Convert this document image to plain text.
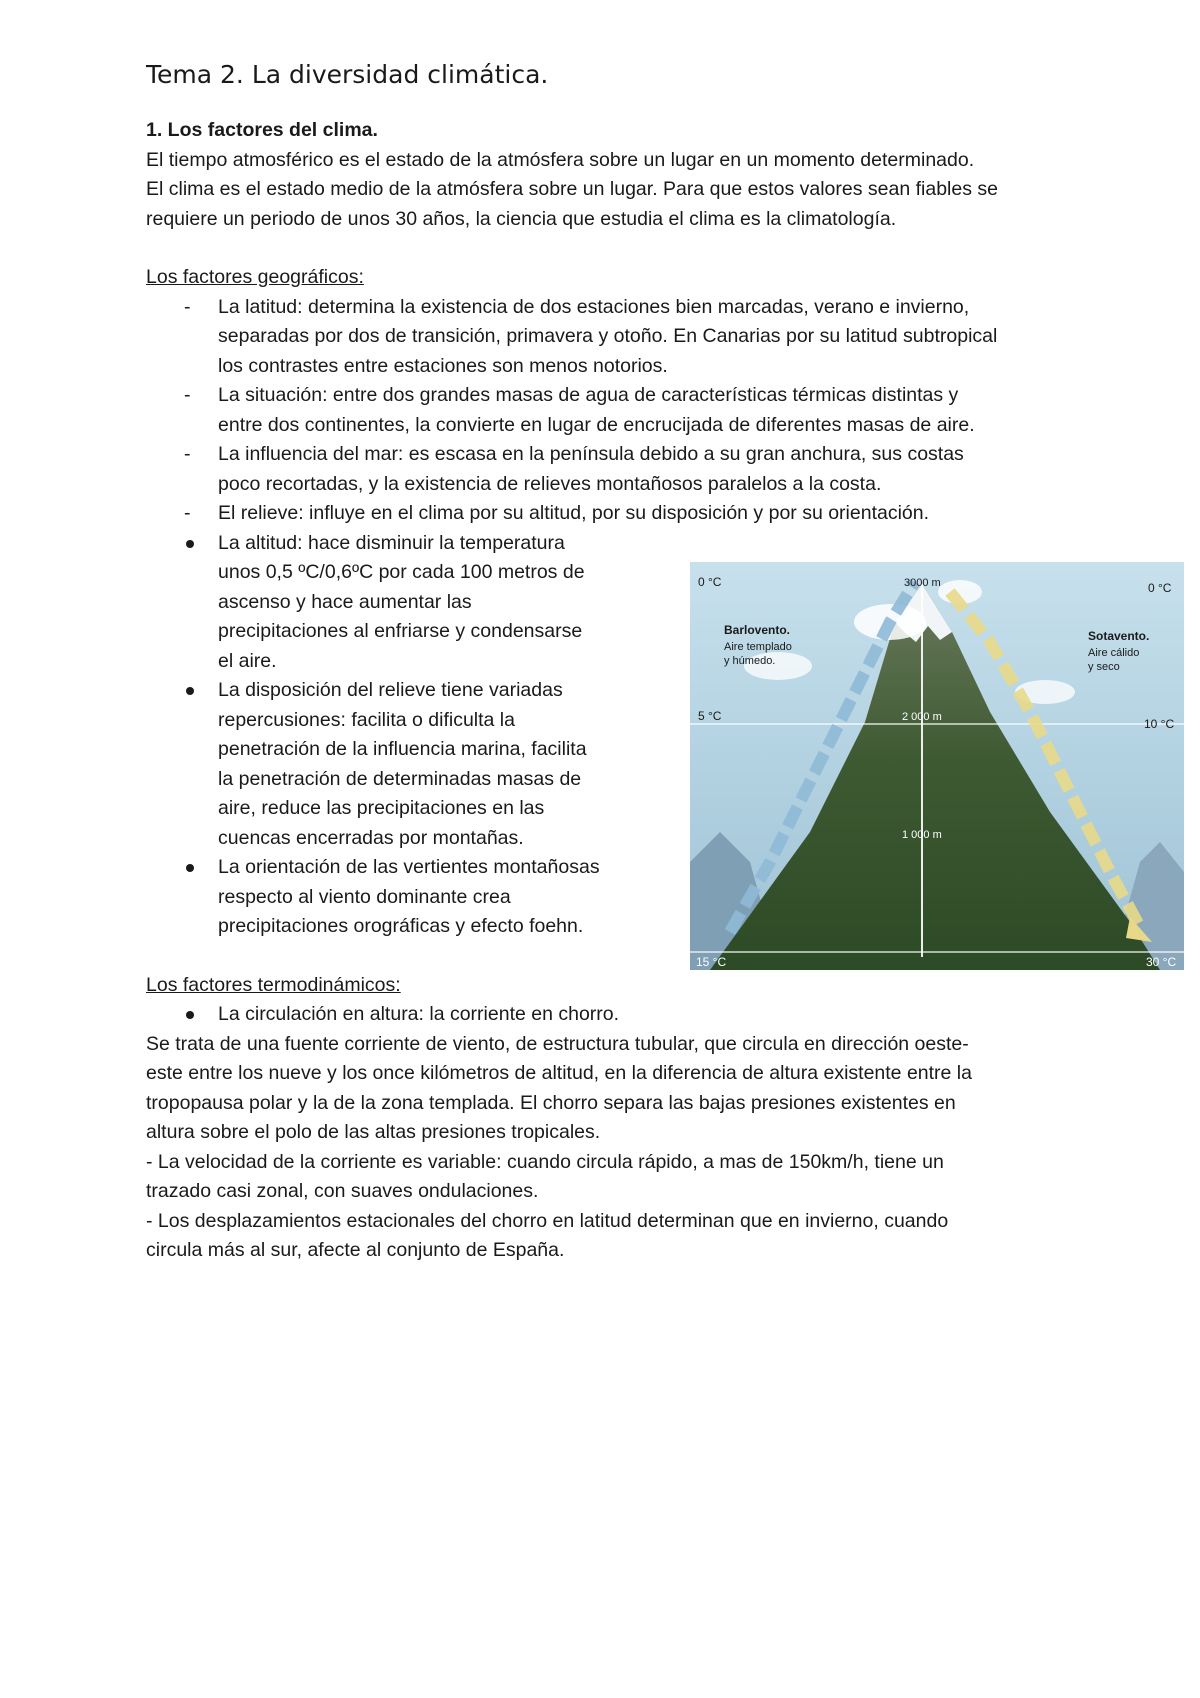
Tema 2. La diversidad climática.

1. Los factores del clima.

El tiempo atmosférico es el estado de la atmósfera sobre un lugar en un momento determinado.

El clima es el estado medio de la atmósfera sobre un lugar. Para que estos valores sean fiables se

requiere un periodo de unos 30 años, la ciencia que estudia el clima es la climatología.

Los factores geográficos:

- La latitud: determina la existencia de dos estaciones bien marcadas, verano e invierno,
separadas por dos de transición, primavera y otoño. En Canarias por su latitud subtropical
los contrastes entre estaciones son menos notorios.
- La situación: entre dos grandes masas de agua de características térmicas distintas y
entre dos continentes, la convierte en lugar de encrucijada de diferentes masas de aire.
- La influencia del mar: es escasa en la península debido a su gran anchura, sus costas
poco recortadas, y la existencia de relieves montañosos paralelos a la costa.
- El relieve: influye en el clima por su altitud, por su disposición y por su orientación.
La altitud: hace disminuir la temperatura
unos 0,5 ºC/0,6ºC por cada 100 metros de
ascenso y hace aumentar las
precipitaciones al enfriarse y condensarse
el aire.
La disposición del relieve tiene variadas
repercusiones: facilita o dificulta la
penetración de la influencia marina, facilita
la penetración de determinadas masas de
aire, reduce las precipitaciones en las
cuencas encerradas por montañas.
La orientación de las vertientes montañosas
respecto al viento dominante crea
precipitaciones orográficas y efecto foehn.

Los factores termodinámicos:

La circulación en altura: la corriente en chorro.

Se trata de una fuente corriente de viento, de estructura tubular, que circula en dirección oeste-

este entre los nueve y los once kilómetros de altitud, en la diferencia de altura existente entre la

tropopausa polar y la de la zona templada. El chorro separa las bajas presiones existentes en

altura sobre el polo de las altas presiones tropicales.

- La velocidad de la corriente es variable: cuando circula rápido, a mas de 150km/h, tiene un

trazado casi zonal, con suaves ondulaciones.

- Los desplazamientos estacionales del chorro en latitud determinan que en invierno, cuando

circula más al sur, afecte al conjunto de España.

0 °C	0 °C
5 °C
10 °C
15 °C	30 °C
3000 m
2 000 m
1 000 m
Barlovento.
Aire templado
y húmedo.
Sotavento.
Aire cálido
y seco
